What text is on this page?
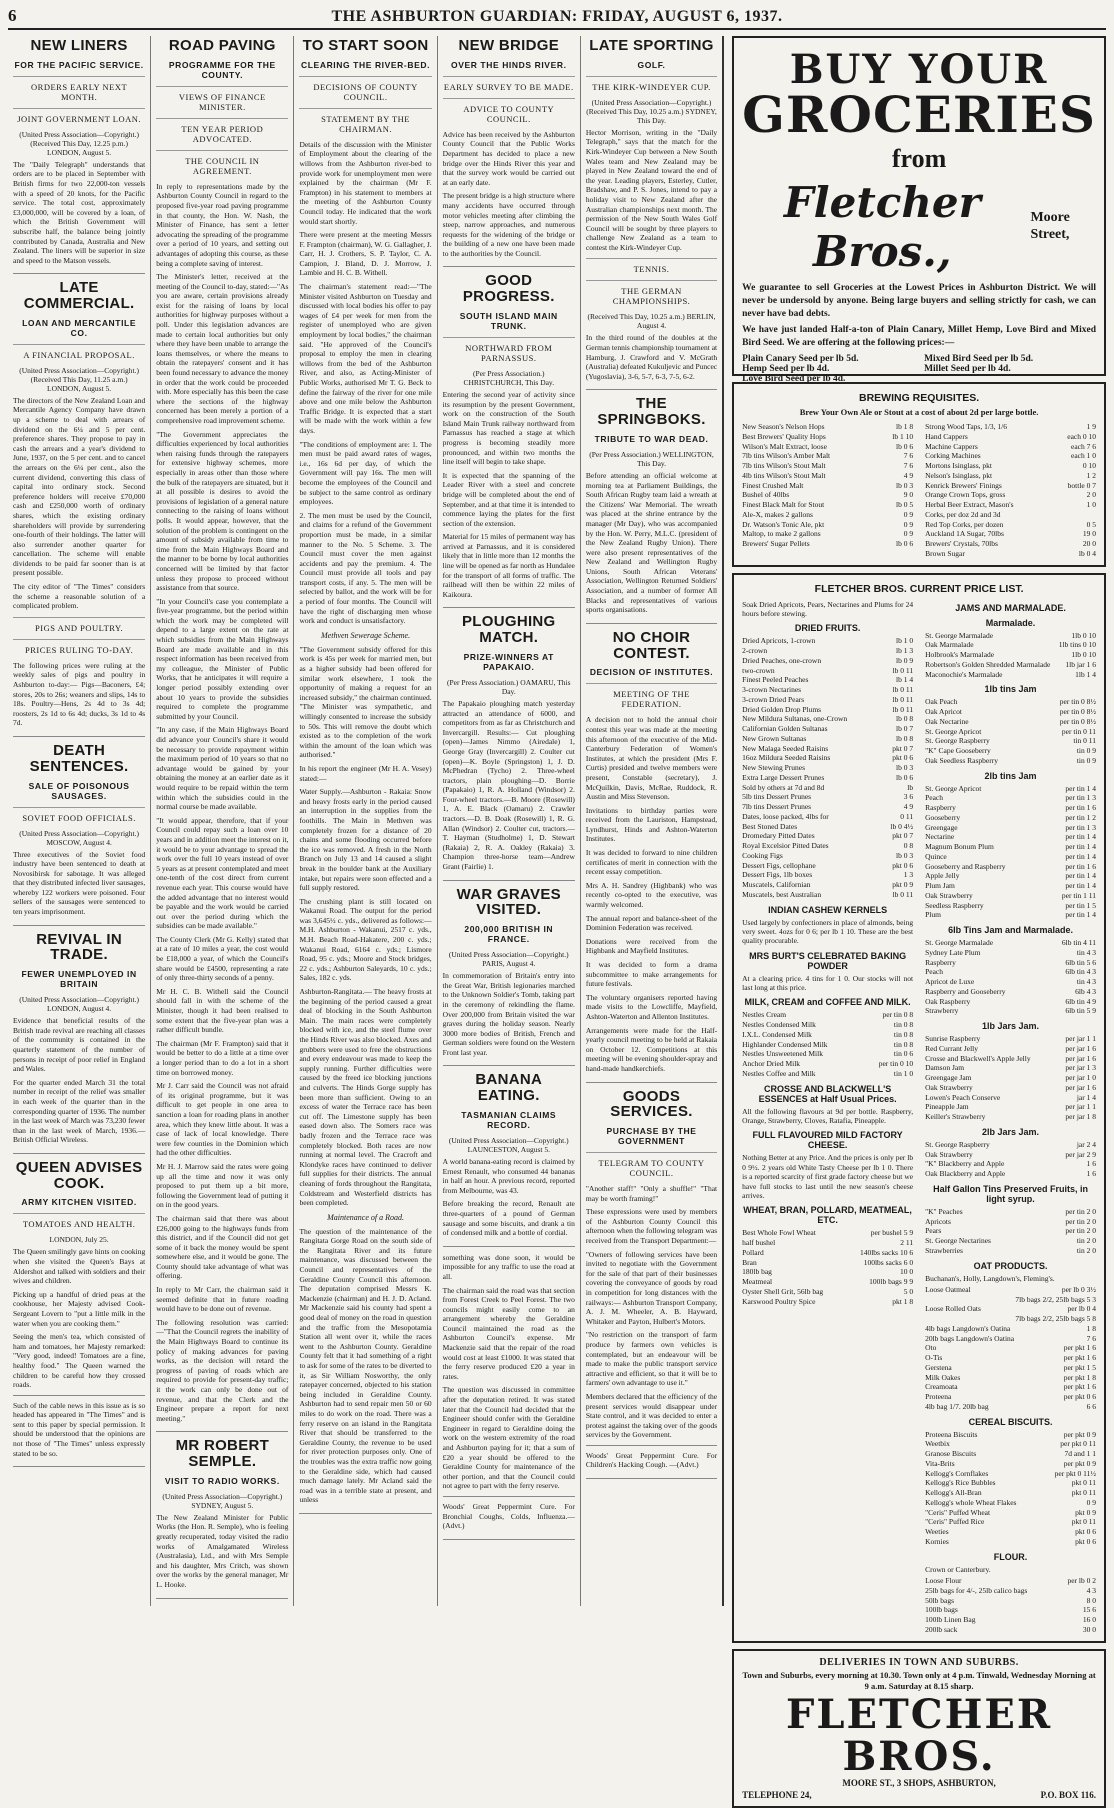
6	THE ASHBURTON GUARDIAN: FRIDAY, AUGUST 6, 1937.
NEW LINERS
FOR THE PACIFIC SERVICE.
ORDERS EARLY NEXT MONTH.
JOINT GOVERNMENT LOAN.
(United Press Association—Copyright.) (Received This Day, 12.25 p.m.) LONDON, August 5.

The "Daily Telegraph" understands that orders are to be placed in September with British firms for two 22,000-ton vessels with a speed of 20 knots, for the Pacific service. The total cost, approximately £3,000,000, will be covered by a loan, of which the British Government will subscribe half, the balance being jointly contributed by Canada, Australia and New Zealand. The liners will be superior in size and speed to the Matson vessels.

LATE COMMERCIAL.
LOAN AND MERCANTILE CO.
A FINANCIAL PROPOSAL.
(United Press Association—Copyright.) (Received This Day, 11.25 a.m.) LONDON, August 5.

The directors of the New Zealand Loan and Mercantile Agency Company have drawn up a scheme to deal with arrears of dividend on the 6¼ and 5 per cent. preference shares. They propose to pay in cash the arrears and a year's dividend to June, 1937, on the 5 per cent. and to cancel the arrears on the 6¼ per cent., also the current dividend, converting this class of capital into ordinary stock. Second preference holders will receive £70,000 cash and £250,000 worth of ordinary shares, which the existing ordinary shareholders will provide by surrendering one-fourth of their holdings. The latter will also surrender another quarter for cancellation. The scheme will enable dividends to be paid far sooner than is at present possible.

The city editor of "The Times" considers the scheme a reasonable solution of a complicated problem.

PIGS AND POULTRY.
PRICES RULING TO-DAY.

The following prices were ruling at the weekly sales of pigs and poultry in Ashburton to-day:— Pigs—Baconers, £4; stores, 20s to 26s; weaners and slips, 14s to 18s. Poultry—Hens, 2s 4d to 3s 4d; roosters, 2s 1d to 6s 4d; ducks, 3s 1d to 4s 7d.

DEATH SENTENCES.
SALE OF POISONOUS SAUSAGES.
SOVIET FOOD OFFICIALS.
(United Press Association—Copyright.) MOSCOW, August 4.

Three executives of the Soviet food industry have been sentenced to death at Novosibirsk for sabotage. It was alleged that they distributed infected liver sausages, whereby 122 workers were poisoned. Four sellers of the sausages were sentenced to ten years imprisonment.

REVIVAL IN TRADE.
FEWER UNEMPLOYED IN BRITAIN
(United Press Association—Copyright.) LONDON, August 4.

Evidence that beneficial results of the British trade revival are reaching all classes of the community is contained in the quarterly statement of the number of persons in receipt of poor relief in England and Wales.

For the quarter ended March 31 the total number in receipt of the relief was smaller in each week of the quarter than in the corresponding quarter of 1936. The number in the last week of March was 73,230 fewer than in the last week of March, 1936.—British Official Wireless.

QUEEN ADVISES COOK.
ARMY KITCHEN VISITED.
TOMATOES AND HEALTH.
LONDON, July 25.

The Queen smilingly gave hints on cooking when she visited the Queen's Bays at Aldershot and talked with soldiers and their wives and children.

Picking up a handful of dried peas at the cookhouse, her Majesty advised Cook-Sergeant Lovern to "put a little milk in the water when you are cooking them."

Seeing the men's tea, which consisted of ham and tomatoes, her Majesty remarked: "Very good, indeed! Tomatoes are a fine, healthy food." The Queen warned the children to be careful how they crossed roads.

Such of the cable news in this issue as is so headed has appeared in "The Times" and is sent to this paper by special permission. It should be understood that the opinions are not those of "The Times" unless expressly stated to be so.

ROAD PAVING
PROGRAMME FOR THE COUNTY.
VIEWS OF FINANCE MINISTER.
TEN YEAR PERIOD ADVOCATED.
THE COUNCIL IN AGREEMENT.

In reply to representations made by the Ashburton County Council in regard to the proposed five-year road paving programme in that county, the Hon. W. Nash, the Minister of Finance, has sent a letter advocating the spreading of the programme over a period of 10 years, and setting out advantages of adopting this course, as these being a complete saving of interest.

The Minister's letter, received at the meeting of the Council to-day, stated:—"As you are aware, certain provisions already exist for the raising of loans by local authorities for highway purposes without a poll. Under this legislation advances are made to certain local authorities but only where they have been unable to arrange the loans themselves, or where the means to obtain the ratepayers' consent and it has been found necessary to advance the money in order that the work could be proceeded with. More especially has this been the case where the sections of the highway concerned has been merely a portion of a comprehensive road improvement scheme.

"The Government appreciates the difficulties experienced by local authorities when raising funds through the ratepayers for extensive highway schemes, more especially in areas other than those where the bulk of the ratepayers are situated, but it at all possible is desires to avoid the provisions of legislation of a general nature connecting to the raising of loans without polls. It would appear, however, that the solution of the problem is contingent on the amount of subsidy available from time to time from the Main Highways Board and the manner to be borne by local authorities concerned will be limited by that factor unless they propose to proceed without assistance from that source.

"In your Council's case you contemplate a five-year programme, but the period within which the work may be completed will depend to a large extent on the rate at which subsidies from the Main Highways Board are made available and in this respect information has been received from my colleague, the Minister of Public Works, that he anticipates it will require a longer period possibly extending over about 10 years to provide the subsidies required to complete the programme submitted by your Council.

"In any case, if the Main Highways Board did advance your Council's share it would be necessary to provide repayment within the maximum period of 10 years so that no advantage would be gained by your obtaining the money at an earlier date as it would require to be repaid within the term within which the subsidies could in the normal course be made available.

"It would appear, therefore, that if your Council could repay such a loan over 10 years and in addition meet the interest on it, it would be to your advantage to spread the work over the full 10 years instead of over 5 years as at present contemplated and meet one-tenth of the cost direct from current revenue each year. This course would have the added advantage that no interest would be payable and the work would be carried out over the period during which the subsidies can be made available."

The County Clerk (Mr G. Kelly) stated that at a rate of 10 miles a year, the cost would be £18,000 a year, of which the Council's share would be £4500, representing a rate of only three-thirty seconds of a penny.

Mr H. C. B. Withell said the Council should fall in with the scheme of the Minister, though it had been realised to some extent that the five-year plan was a rather difficult bundle.

The chairman (Mr F. Frampton) said that it would be better to do a little at a time over a longer period than to do a lot in a short time on borrowed money.

Mr J. Carr said the Council was not afraid of its original programme, but it was difficult to get people in one area to sanction a loan for roading plans in another area, which they knew little about. It was a case of lack of local knowledge. There were few counties in the Dominion which had the other difficulties.

Mr H. J. Marrow said the rates were going up all the time and now it was only proposed to put them up a bit more, following the Government lead of putting it on in the good years.

The chairman said that there was about £26,000 going to the highways funds from this district, and if the Council did not get some of it back the money would be spent somewhere else, and it would be gone. The County should take advantage of what was offering.

In reply to Mr Carr, the chairman said it seemed definite that in future roading would have to be done out of revenue.

The following resolution was carried:—"That the Council regrets the inability of the Main Highways Board to continue its policy of making advances for paving works, as the decision will retard the progress of paving of roads which are required to provide for present-day traffic; it the work can only be done out of revenue, and that the Clerk and the Engineer prepare a report for next meeting."

MR ROBERT SEMPLE.
VISIT TO RADIO WORKS.
(United Press Association—Copyright.) SYDNEY, August 5.

The New Zealand Minister for Public Works (the Hon. R. Semple), who is feeling greatly recuperated, today visited the radio works of Amalgamated Wireless (Australasia), Ltd., and with Mrs Semple and his daughter, Mrs Critch, was shown over the works by the general manager, Mr L. Hooke.

TO START SOON
CLEARING THE RIVER-BED.
DECISIONS OF COUNTY COUNCIL.
STATEMENT BY THE CHAIRMAN.

Details of the discussion with the Minister of Employment about the clearing of the willows from the Ashburton river-bed to provide work for unemployment men were explained by the chairman (Mr F. Frampton) in his statement to members at the meeting of the Ashburton County Council today. He indicated that the work would start shortly.

There were present at the meeting Messrs F. Frampton (chairman), W. G. Gallagher, J. Carr, H. J. Crothers, S. P. Taylor, C. A. Campion, J. Bland, D. J. Morrow, J. Lambie and H. C. B. Withell.

The chairman's statement read:—"The Minister visited Ashburton on Tuesday and discussed with local bodies his offer to pay wages of £4 per week for men from the register of unemployed who are given employment by local bodies," the chairman said. "He approved of the Council's proposal to employ the men in clearing willows from the bed of the Ashburton River, and also, as Acting-Minister of Public Works, authorised Mr T. G. Beck to define the fairway of the river for one mile above and one mile below the Ashburton Traffic Bridge. It is expected that a start will be made with the work within a few days.

"The conditions of employment are: 1. The men must be paid award rates of wages, i.e., 16s 6d per day, of which the Government will pay 16s. The men will become the employees of the Council and be subject to the same control as ordinary employees.

2. The men must be used by the Council, and claims for a refund of the Government proportion must be made, in a similar manner to the No. 5 Scheme. 3. The Council must cover the men against accidents and pay the premium. 4. The Council must provide all tools and pay transport costs, if any. 5. The men will be selected by ballot, and the work will be for a period of four months. The Council will have the right of discharging men whose work and conduct is unsatisfactory.

Methven Sewerage Scheme.

"The Government subsidy offered for this work is 45s per week for married men, but as a higher subsidy had been offered for similar work elsewhere, I took the opportunity of making a request for an increased subsidy," the chairman continued. "The Minister was sympathetic, and willingly consented to increase the subsidy to 50s. This will remove the doubt which existed as to the completion of the work within the amount of the loan which was authorised."

In his report the engineer (Mr H. A. Vesey) stated:—

Water Supply.—Ashburton - Rakaia: Snow and heavy frosts early in the period caused an interruption in the supplies from the foothills. The Main in Methven was completely frozen for a distance of 20 chains and some flooding occurred before the ice was removed. A fresh in the North Branch on July 13 and 14 caused a slight break in the boulder bank at the Auxiliary intake, but repairs were soon effected and a full supply restored.

The crushing plant is still located on Wakanui Road. The output for the period was 3,645½ c. yds., delivered as follows:—M.H. Ashburton - Wakanui, 2517 c. yds., M.H. Beach Road-Hakatere, 200 c. yds.; Wakanui Road, 6164 c. yds.; Lismore Road, 95 c. yds.; Moore and Stock bridges, 22 c. yds.; Ashburton Saleyards, 10 c. yds.; Sales, 182 c. yds.

Ashburton-Rangitata.— The heavy frosts at the beginning of the period caused a great deal of blocking in the South Ashburton Main. The main races were completely blocked with ice, and the steel flume over the Hinds River was also blocked. Axes and grubbers were used to free the obstructions and every endeavour was made to keep the supply running. Further difficulties were caused by the freed ice blocking junctions and culverts. The Hinds Gorge supply has been more than sufficient. Owing to an excess of water the Terrace race has been cut off. The Limestone supply has been eased down also. The Somers race was badly frozen and the Terrace race was completely blocked. Both races are now running at normal level. The Cracroft and Klondyke races have continued to deliver full supplies for their districts. The annual cleaning of fords throughout the Rangitata, Coldstream and Westerfield districts has been completed.

Maintenance of a Road.

The question of the maintenance of the Rangitata Gorge Road on the south side of the Rangitata River and its future maintenance, was discussed between the Council and representatives of the Geraldine County Council this afternoon. The deputation comprised Messrs K. Mackenzie (chairman) and H. J. D. Acland. Mr Mackenzie said his county had spent a good deal of money on the road in question and the traffic from the Mesopotamia Station all went over it, while the races went to the Ashburton County. Geraldine County felt that it had something of a right to ask for some of the rates to be diverted to it, as Sir William Nosworthy, the only ratepayer concerned, objected to his station being included in Geraldine County. Ashburton had to send repair men 50 or 60 miles to do work on the road. There was a ferry reserve on an island in the Rangitata River that should be transferred to the Geraldine County, the revenue to be used for river protection purposes only. One of the troubles was the extra traffic now going to the Geraldine side, which had caused much damage lately. Mr Acland said the road was in a terrible state at present, and unless

NEW BRIDGE
OVER THE HINDS RIVER.
EARLY SURVEY TO BE MADE.
ADVICE TO COUNTY COUNCIL.

Advice has been received by the Ashburton County Council that the Public Works Department has decided to place a new bridge over the Hinds River this year and that the survey work would be carried out at an early date.

The present bridge is a high structure where many accidents have occurred through motor vehicles meeting after climbing the steep, narrow approaches, and numerous requests for the widening of the bridge or the building of a new one have been made to the authorities by the Council.

GOOD PROGRESS.
SOUTH ISLAND MAIN TRUNK.
NORTHWARD FROM PARNASSUS.
(Per Press Association.) CHRISTCHURCH, This Day.

Entering the second year of activity since its resumption by the present Government, work on the construction of the South Island Main Trunk railway northward from Parnassus has reached a stage at which progress is becoming steadily more pronounced, and within two months the line itself will begin to take shape.

It is expected that the spanning of the Leader River with a steel and concrete bridge will be completed about the end of September, and at that time it is intended to commence laying the plates for the first section of the extension.

Material for 15 miles of permanent way has arrived at Parnassus, and it is considered likely that in little more than 12 months the line will be opened as far north as Hundalee for the transport of all forms of traffic. The railhead will then be within 22 miles of Kaikoura.

PLOUGHING MATCH.
PRIZE-WINNERS AT PAPAKAIO.
(Per Press Association.) OAMARU, This Day.

The Papakaio ploughing match yesterday attracted an attendance of 6000, and competitors from as far as Christchurch and Invercargill. Results:— Cut ploughing (open)—James Nimmo (Airedale) 1, George Gray (Invercargill) 2. Coulter cut (open)—K. Boyle (Springston) 1, J. D. McPhedran (Tycho) 2. Three-wheel tractors, plain ploughing—D. Borrie (Papakaio) 1, R. A. Holland (Windsor) 2. Four-wheel tractors.—B. Moore (Rosewill) 1, A. E. Black (Oamaru) 2. Crawler tractors.—D. B. Doak (Rosewill) 1, R. G. Allan (Windsor) 2. Coulter cut, tractors.—T. Hayman (Studholme) 1, D. Stewart (Rakaia) 2, R. A. Oakley (Rakaia) 3. Champion three-horse team—Andrew Grant (Fairlie) 1.

WAR GRAVES VISITED.
200,000 BRITISH IN FRANCE.
(United Press Association—Copyright.) PARIS, August 4.

In commemoration of Britain's entry into the Great War, British legionaries marched to the Unknown Soldier's Tomb, taking part in the ceremony of rekindling the flame. Over 200,000 from Britain visited the war graves during the holiday season. Nearly 3000 more bodies of British, French and German soldiers were found on the Western Front last year.

BANANA EATING.
TASMANIAN CLAIMS RECORD.
(United Press Association—Copyright.) LAUNCESTON, August 5.

A world banana-eating record is claimed by Ernest Renault, who consumed 44 bananas in half an hour. A previous record, reported from Melbourne, was 43.

Before breaking the record, Renault ate three-quarters of a pound of German sausage and some biscuits, and drank a tin of condensed milk and a bottle of cordial.

something was done soon, it would be impossible for any traffic to use the road at all.

The chairman said the road was that section from Forest Creek to Peel Forest. The two councils might easily come to an arrangement whereby the Geraldine Council maintained the road as the Ashburton Council's expense. Mr Mackenzie said that the repair of the road would cost at least £1000. It was stated that the ferry reserve produced £20 a year in rates.

The question was discussed in committee after the deputation retired. It was stated later that the Council had decided that the Engineer should confer with the Geraldine Engineer in regard to Geraldine doing the work on the western extremity of the road and Ashburton paying for it; that a sum of £20 a year should be offered to the Geraldine County for maintenance of the other portion, and that the Council could not agree to part with the ferry reserve.

Woods' Great Peppermint Cure. For Bronchial Coughs, Colds, Influenza.—(Advt.)

LATE SPORTING
GOLF.
THE KIRK-WINDEYER CUP.
(United Press Association—Copyright.) (Received This Day, 10.25 a.m.) SYDNEY, This Day.

Hector Morrison, writing in the "Daily Telegraph," says that the match for the Kirk-Windeyer Cup between a New South Wales team and New Zealand may be played in New Zealand toward the end of the year. Leading players, Esterley, Cutler, Bradshaw, and P. S. Jones, intend to pay a holiday visit to New Zealand after the Australian championships next month. The permission of the New South Wales Golf Council will be sought by three players to challenge New Zealand as a team to contest the Kirk-Windeyer Cup.

TENNIS.
THE GERMAN CHAMPIONSHIPS.
(Received This Day, 10.25 a.m.) BERLIN, August 4.

In the third round of the doubles at the German tennis championship tournament at Hamburg, J. Crawford and V. McGrath (Australia) defeated Kukuljevic and Puncec (Yugoslavia), 3-6, 5-7, 6-3, 7-5, 6-2.

THE SPRINGBOKS.
TRIBUTE TO WAR DEAD.
(Per Press Association.) WELLINGTON, This Day.

Before attending an official welcome at morning tea at Parliament Buildings, the South African Rugby team laid a wreath at the Citizens' War Memorial. The wreath was placed at the shrine entrance by the manager (Mr Day), who was accompanied by the Hon. W. Perry, M.L.C. (president of the New Zealand Rugby Union). There were also present representatives of the New Zealand and Wellington Rugby Unions, South African Veterans' Association, Wellington Returned Soldiers' Association, and a number of former All Blacks and representatives of various sports organisations.

NO CHOIR CONTEST.
DECISION OF INSTITUTES.
MEETING OF THE FEDERATION.

A decision not to hold the annual choir contest this year was made at the meeting this afternoon of the executive of the Mid-Canterbury Federation of Women's Institutes, at which the president (Mrs F. Curtis) presided and twelve members were present, Constable (secretary), J. McQuilkin, Davis, McRae, Ruddock, R. Austin and Miss Stevenson.

Invitations to birthday parties were received from the Lauriston, Hampstead, Lyndhurst, Hinds and Ashton-Waterton Institutes.

It was decided to forward to nine children certificates of merit in connection with the recent essay competition.

Mrs A. H. Sandrey (Highbank) who was recently co-opted to the executive, was warmly welcomed.

The annual report and balance-sheet of the Dominion Federation was received.

Donations were received from the Highbank and Mayfield Institutes.

It was decided to form a drama subcommittee to make arrangements for future festivals.

The voluntary organisers reported having made visits to the Lowcliffe, Mayfield, Ashton-Waterton and Allenton Institutes.

Arrangements were made for the Half-yearly council meeting to be held at Rakaia on October 12. Competitions at this meeting will be evening shoulder-spray and hand-made handkerchiefs.

GOODS SERVICES.
PURCHASE BY THE GOVERNMENT
TELEGRAM TO COUNTY COUNCIL.

"Another staff!" "Only a shuffle!" "That may be worth framing!"

These expressions were used by members of the Ashburton County Council this afternoon when the following telegram was received from the Transport Department:—

"Owners of following services have been invited to negotiate with the Government for the sale of that part of their businesses covering the conveyance of goods by road in competition for long distances with the railways:— Ashburton Transport Company, A. J. M. Wheeler, A. B. Hayward, Whitaker and Payton, Hulbert's Motors.

"No restriction on the transport of farm produce by farmers own vehicles is contemplated, but an endeavour will be made to make the public transport service attractive and efficient, so that it will be to farmers' own advantage to use it."

Members declared that the efficiency of the present services would disappear under State control, and it was decided to enter a protest against the taking over of the goods services by the Government.

Woods' Great Peppermint Cure. For Children's Hacking Cough. —(Advt.)

BUY YOUR
GROCERIES
from
Fletcher Bros.,
Moore Street,
We guarantee to sell Groceries at the Lowest Prices in Ashburton District. We will never be undersold by anyone. Being large buyers and selling strictly for cash, we can never have bad debts.
We have just landed Half-a-ton of Plain Canary, Millet Hemp, Love Bird and Mixed Bird Seed. We are offering at the following prices:—
Plain Canary Seed per lb 5d.	Mixed Bird Seed per lb 5d.
Hemp Seed per lb 4d.	Millet Seed per lb 4d.
Love Bird Seed per lb 4d.
BREWING REQUISITES.
Brew Your Own Ale or Stout at a cost of about 2d per large bottle.
New Season's Nelson Hops	lb 1 8
Best Brewers' Quality Hops	lb 1 10
Wilson's Malt Extract, loose	lb 0 6
7lb tins Wilson's Amber Malt	7 6
7lb tins Wilson's Stout Malt	7 6
4lb tins Wilson's Stout Malt	4 9
Finest Crushed Malt	lb 0 3
Bushel of 40lbs	9 0
Finest Black Malt for Stout	lb 0 5
Ale-X, makes 2 gallons	0 9
Dr. Watson's Tonic Ale, pkt	0 9
Maltop, to make 2 gallons	0 9
Brewers' Sugar Pellets	lb 0 6
Strong Wood Taps, 1/3, 1/6	1 9
Hand Cappers	each 0 10
Machine Cappers	each 7 6
Corking Machines	each 1 0
Mortons Isinglass, pkt	0 10
Nelson's Isinglass, pkt	1 2
Kenrick Brewers' Finings	bottle 0 7
Orange Crown Tops, gross	2 0
Herbal Beer Extract, Mason's	1 0
Corks, per doz 2d and 3d
Red Top Corks, per dozen	0 5
Auckland 1A Sugar, 70lbs	19 0
Brewers' Crystals, 70lbs	20 0
Brown Sugar	lb 0 4
FLETCHER BROS. CURRENT PRICE LIST.
Soak Dried Apricots, Pears, Nectarines and Plums for 24 hours before stewing.
DRIED FRUITS.
Dried Apricots, 1-crown	lb 1 0
2-crown	lb 1 3
Dried Peaches, one-crown	lb 0 9
two-crown	lb 0 11
Finest Peeled Peaches	lb 1 4
3-crown Nectarines	lb 0 11
3-crown Dried Pears	lb 0 11
Dried Golden Drop Plums	lb 0 11
New Mildura Sultanas, one-Crown	lb 0 8
Californian Golden Sultanas	lb 0 7
New Grown Sultanas	lb 0 8
New Malaga Seeded Raisins	pkt 0 7
16oz Mildura Seeded Raisins	pkt 0 6
New Stewing Prunes	lb 0 3
Extra Large Dessert Prunes	lb 0 6
Sold by others at 7d and 8d	lb
5lb tins Dessert Prunes	3 6
7lb tins Dessert Prunes	4 9
Dates, loose packed, 4lbs for	0 11
Best Stoned Dates	lb 0 4½
Dromedary Pitted Dates	pkt 0 7
Royal Excelsior Pitted Dates	0 8
Cooking Figs	lb 0 3
Dessert Figs, cellophane	pkt 0 6
Dessert Figs, 1lb boxes	1 3
Muscatels, Californian	pkt 0 9
Muscatels, best Australian	lb 0 11
INDIAN CASHEW KERNELS
Used largely by confectioners in place of almonds, being very sweet. 4ozs for 0 6; per lb 1 10. These are the best quality procurable.
MRS BURT'S CELEBRATED BAKING POWDER
At a clearing price. 4 tins for 1 0. Our stocks will not last long at this price.
MILK, CREAM and COFFEE AND MILK.
Nestles Cream	per tin 0 8
Nestles Condensed Milk	tin 0 8
I.X.L. Condensed Milk	tin 0 8
Highlander Condensed Milk	tin 0 8
Nestles Unsweetened Milk	tin 0 6
Anchor Dried Milk	per tin 0 10
Nestles Coffee and Milk	tin 1 0
CROSSE AND BLACKWELL'S ESSENCES at Half Usual Prices.
All the following flavours at 9d per bottle. Raspberry, Orange, Strawberry, Cloves, Ratafia, Pineapple.
FULL FLAVOURED MILD FACTORY CHEESE.
Nothing Better at any Price. And the prices is only per lb 0 9½. 2 years old White Tasty Cheese per lb 1 0. There is a reported scarcity of first grade factory cheese but we have full stocks to last until the new season's cheese arrives.
WHEAT, BRAN, POLLARD, MEATMEAL, ETC.
Best Whole Fowl Wheat	per bushel 5 9
half bushel	2 11
Pollard	140lbs sacks 10 6
Bran	100lbs sacks 6 0
180lb bag	10 0
Meatmeal	100lb bags 9 9
Oyster Shell Grit, 56lb bag	5 0
Karswood Poultry Spice	pkt 1 8
JAMS AND MARMALADE.
Marmalade.
St. George Marmalade	1lb 0 10
Oak Marmalade	1lb tins 0 10
Holbrook's Marmalade	1lb 0 10
Robertson's Golden Shredded Marmalade 1lb jar 1 6
Maconochie's Marmalade	1lb 1 4
1lb tins Jam
Oak Peach	per tin 0 8½
Oak Apricot	per tin 0 8½
Oak Nectarine	per tin 0 8½
St. George Apricot	per tin 0 11
St. George Raspberry	tin 0 11
"K" Cape Gooseberry	tin 0 9
Oak Seedless Raspberry	tin 0 9
2lb tins Jam
St. George Apricot	per tin 1 4
Peach	per tin 1 3
Raspberry	per tin 1 6
Gooseberry	per tin 1 2
Greengage	per tin 1 3
Nectarine	per tin 1 4
Magnum Bonum Plum	per tin 1 4
Quince	per tin 1 4
Gooseberry and Raspberry	per tin 1 6
Apple Jelly	per tin 1 4
Plum Jam	per tin 1 4
Oak Strawberry	per tin 1 11
Seedless Raspberry	per tin 1 5
Plum	per tin 1 4
6lb Tins Jam and Marmalade.
St. George Marmalade	6lb tin 4 11
Sydney Late Plum	tin 4 3
Raspberry	6lb tin 5 6
Peach	6lb tin 4 3
Apricot de Luxe	tin 4 3
Raspberry and Gooseberry	6lb 4 3
Oak Raspberry	6lb tin 4 9
Strawberry	6lb tin 5 9
1lb Jars Jam.
Sunrise Raspberry	per jar 1 1
Red Currant Jelly	per jar 1 6
Crosse and Blackwell's Apple Jelly	per jar 1 6
Damson Jam	per jar 1 3
Greengage Jam	per jar 1 0
Oak Strawberry	per jar 1 6
Lowen's Peach Conserve	jar 1 4
Pineapple Jam	per jar 1 1
Keiller's Strawberry	per jar 1 8
2lb Jars Jam.
St. George Raspberry	jar 2 4
Oak Strawberry	per jar 2 9
"K" Blackberry and Apple	1 6
Oak Blackberry and Apple	1 6
Half Gallon Tins Preserved Fruits, in light syrup.
"K" Peaches	per tin 2 0
Apricots	per tin 2 0
Pears	per tin 2 0
St. George Nectarines	tin 2 0
Strawberries	tin 2 0
OAT PRODUCTS.
Buchanan's, Holly, Langdown's, Fleming's.
Loose Oatmeal	per lb 0 3½
7lb bags 2/2, 25lb bags 5 3
Loose Rolled Oats	per lb 0 4
7lb bags 2/2, 25lb bags 5 8
4lb bags Langdown's Oatina	1 8
20lb bags Langdown's Oatina	7 6
Oto	per pkt 1 6
O-Tis	per pkt 1 6
Gerstena	per pkt 1 5
Milk Oakes	per pkt 1 8
Creamoata	per pkt 1 6
Proteena	per pkt 0 6
4lb bag 1/7. 20lb bag	6 6
CEREAL BISCUITS.
Proteena Biscuits	per pkt 0 9
Weetbix	per pkt 0 11
Granose Biscuits	7d and 1 1
Vita-Brits	per pkt 0 9
Kellogg's Cornflakes	per pkt 0 11½
Kellogg's Rice Bubbles	pkt 0 11
Kellogg's All-Bran	pkt 0 11
Kellogg's whole Wheat Flakes	0 9
"Ceris" Puffed Wheat	pkt 0 9
"Ceris" Puffed Rice	pkt 0 11
Weeties	pkt 0 6
Kornies	pkt 0 6
FLOUR.
Crown or Canterbury.
Loose Flour	per lb 0 2
25lb bags for 4/-, 25lb calico bags	4 3
50lb bags	8 0
100lb bags	15 6
100lb Linen Bag	16 0
200lb sack	30 0
DELIVERIES IN TOWN AND SUBURBS.
Town and Suburbs, every morning at 10.30. Town only at 4 p.m. Tinwald, Wednesday Morning at 9 a.m. Saturday at 8.15 sharp.
FLETCHER BROS.
MOORE ST., 3 SHOPS, ASHBURTON,
TELEPHONE 24,	P.O. BOX 116.
